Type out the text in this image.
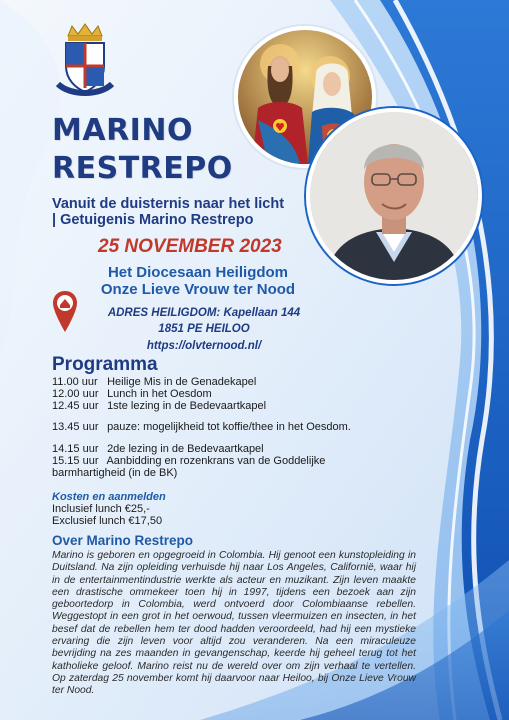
MARINO
RESTREPO
Vanuit de duisternis naar het licht
| Getuigenis Marino Restrepo
25 NOVEMBER 2023
Het Diocesaan Heiligdom
Onze Lieve Vrouw ter Nood
ADRES HEILIGDOM: Kapellaan 144
1851 PE HEILOO
https://olvternood.nl/
Programma
11.00 uur Heilige Mis in de Genadekapel
12.00 uur Lunch in het Oesdom
12.45 uur 1ste lezing in de Bedevaartkapel
13.45 uur pauze: mogelijkheid tot koffie/thee in het Oesdom.
14.15 uur 2de lezing in de Bedevaartkapel
15.15 uur Aanbidding en rozenkrans van de Goddelijke
barmhartigheid (in de BK)
Kosten en aanmelden
Inclusief lunch €25,-
Exclusief lunch €17,50
Over Marino Restrepo
Marino is geboren en opgegroeid in Colombia. Hij genoot een kunstopleiding in Duitsland. Na zijn opleiding verhuisde hij naar Los Angeles, Californië, waar hij in de entertainmentindustrie werkte als acteur en muzikant. Zijn leven maakte een drastische ommekeer toen hij in 1997, tijdens een bezoek aan zijn geboortedorp in Colombia, werd ontvoerd door Colombiaanse rebellen. Weggestopt in een grot in het oerwoud, tussen vleermuizen en insecten, in het besef dat de rebellen hem ter dood hadden veroordeeld, had hij een mystieke ervaring die zijn leven voor altijd zou veranderen. Na een miraculeuze bevrijding na zes maanden in gevangenschap, keerde hij geheel terug tot het katholieke geloof. Marino reist nu de wereld over om zijn verhaal te vertellen. Op zaterdag 25 november komt hij daarvoor naar Heiloo, bij Onze Lieve Vrouw ter Nood.
